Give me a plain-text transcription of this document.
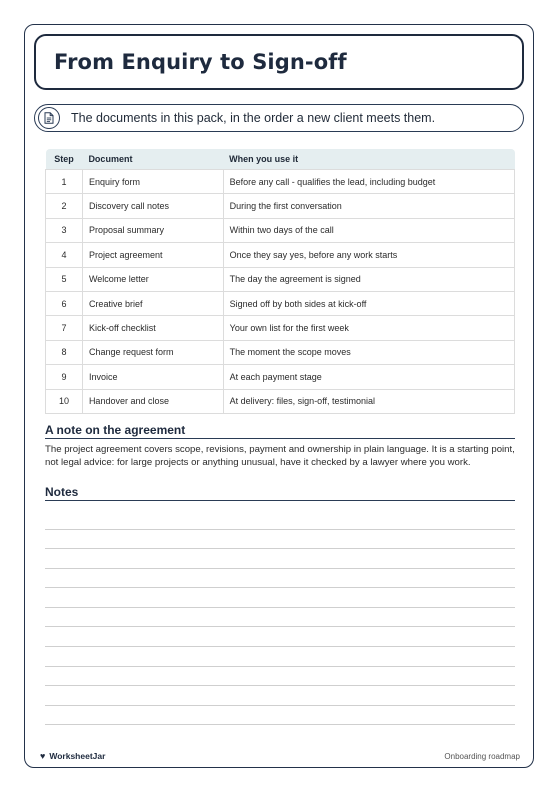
From Enquiry to Sign-off
The documents in this pack, in the order a new client meets them.
Step	Document	When you use it
1	Enquiry form	Before any call - qualifies the lead, including budget
2	Discovery call notes	During the first conversation
3	Proposal summary	Within two days of the call
4	Project agreement	Once they say yes, before any work starts
5	Welcome letter	The day the agreement is signed
6	Creative brief	Signed off by both sides at kick-off
7	Kick-off checklist	Your own list for the first week
8	Change request form	The moment the scope moves
9	Invoice	At each payment stage
10	Handover and close	At delivery: files, sign-off, testimonial
A note on the agreement

The project agreement covers scope, revisions, payment and ownership in plain language. It is a starting point, not legal advice: for large projects or anything unusual, have it checked by a lawyer where you work.

Notes
♥ WorksheetJar	Onboarding roadmap
